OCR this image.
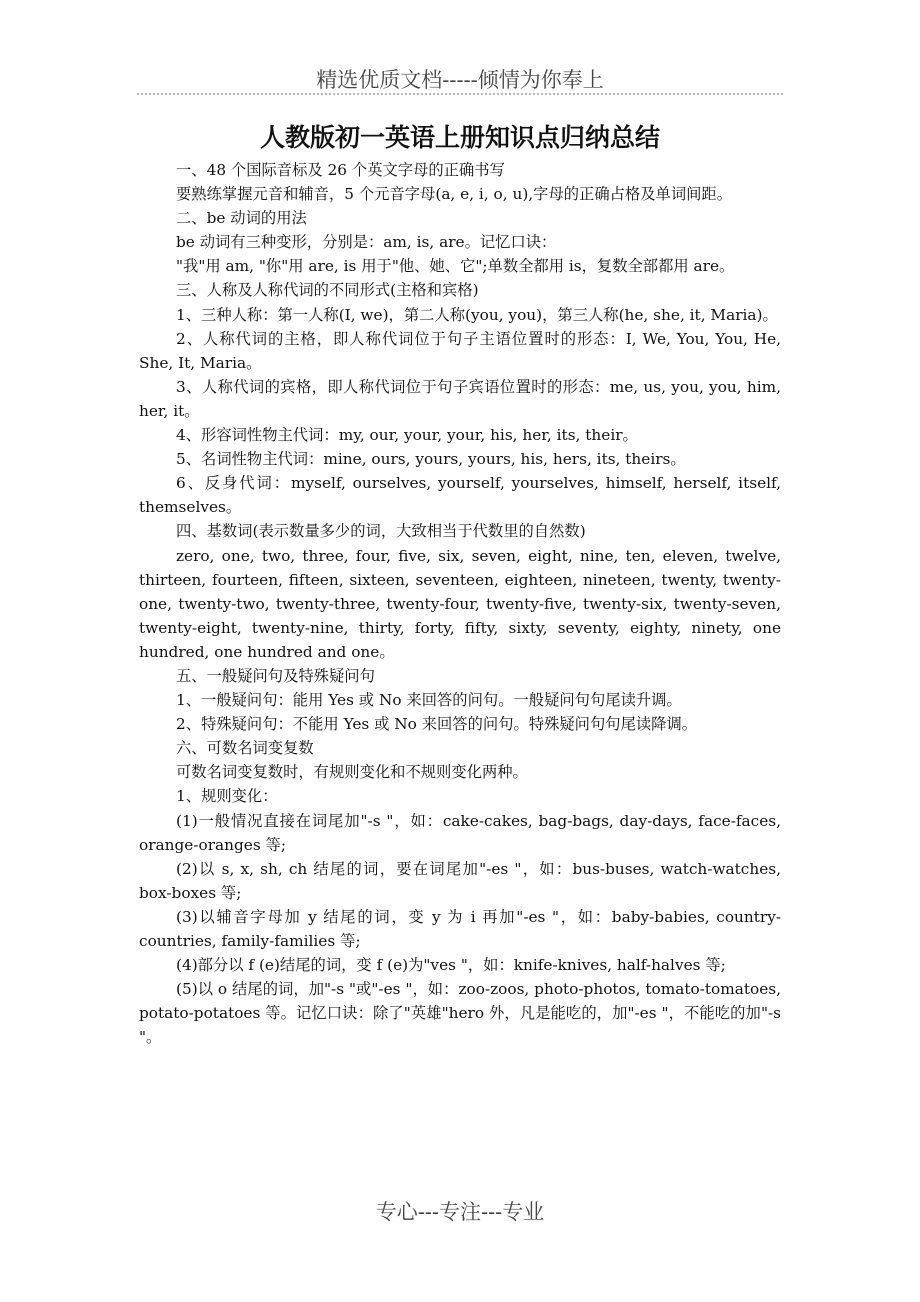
精选优质文档-----倾情为你奉上
人教版初一英语上册知识点归纳总结

一、48 个国际音标及 26 个英文字母的正确书写

要熟练掌握元音和辅音，5 个元音字母(a, e, i, o, u),字母的正确占格及单词间距。

二、be 动词的用法

be 动词有三种变形，分别是：am, is, are。记忆口诀：

"我"用 am, "你"用 are, is 用于"他、她、它";单数全都用 is，复数全部都用 are。

三、人称及人称代词的不同形式(主格和宾格)

1、三种人称：第一人称(I, we)，第二人称(you, you)，第三人称(he, she, it, Maria)。

2、人称代词的主格，即人称代词位于句子主语位置时的形态：I, We, You, You, He, She, It, Maria。

3、人称代词的宾格，即人称代词位于句子宾语位置时的形态：me, us, you, you, him, her, it。

4、形容词性物主代词：my, our, your, your, his, her, its, their。

5、名词性物主代词：mine, ours, yours, yours, his, hers, its, theirs。

6、反身代词：myself, ourselves, yourself, yourselves, himself, herself, itself, themselves。

四、基数词(表示数量多少的词，大致相当于代数里的自然数)

zero, one, two, three, four, five, six, seven, eight, nine, ten, eleven, twelve, thirteen, fourteen, fifteen, sixteen, seventeen, eighteen, nineteen, twenty, twenty-one, twenty-two, twenty-three, twenty-four, twenty-five, twenty-six, twenty-seven, twenty-eight, twenty-nine, thirty, forty, fifty, sixty, seventy, eighty, ninety, one hundred, one hundred and one。

五、一般疑问句及特殊疑问句

1、一般疑问句：能用 Yes 或 No 来回答的问句。一般疑问句句尾读升调。

2、特殊疑问句：不能用 Yes 或 No 来回答的问句。特殊疑问句句尾读降调。

六、可数名词变复数

可数名词变复数时，有规则变化和不规则变化两种。

1、规则变化：

(1)一般情况直接在词尾加"-s "，如：cake-cakes, bag-bags, day-days, face-faces, orange-oranges 等;

(2)以 s, x, sh, ch 结尾的词，要在词尾加"-es "，如：bus-buses, watch-watches, box-boxes 等;

(3)以辅音字母加 y 结尾的词，变 y 为 i 再加"-es "，如：baby-babies, country-countries, family-families 等;

(4)部分以 f (e)结尾的词，变 f (e)为"ves "，如：knife-knives, half-halves 等;

(5)以 o 结尾的词，加"-s "或"-es "，如：zoo-zoos, photo-photos, tomato-tomatoes, potato-potatoes 等。记忆口诀：除了"英雄"hero 外，凡是能吃的，加"-es "，不能吃的加"-s "。

专心---专注---专业
